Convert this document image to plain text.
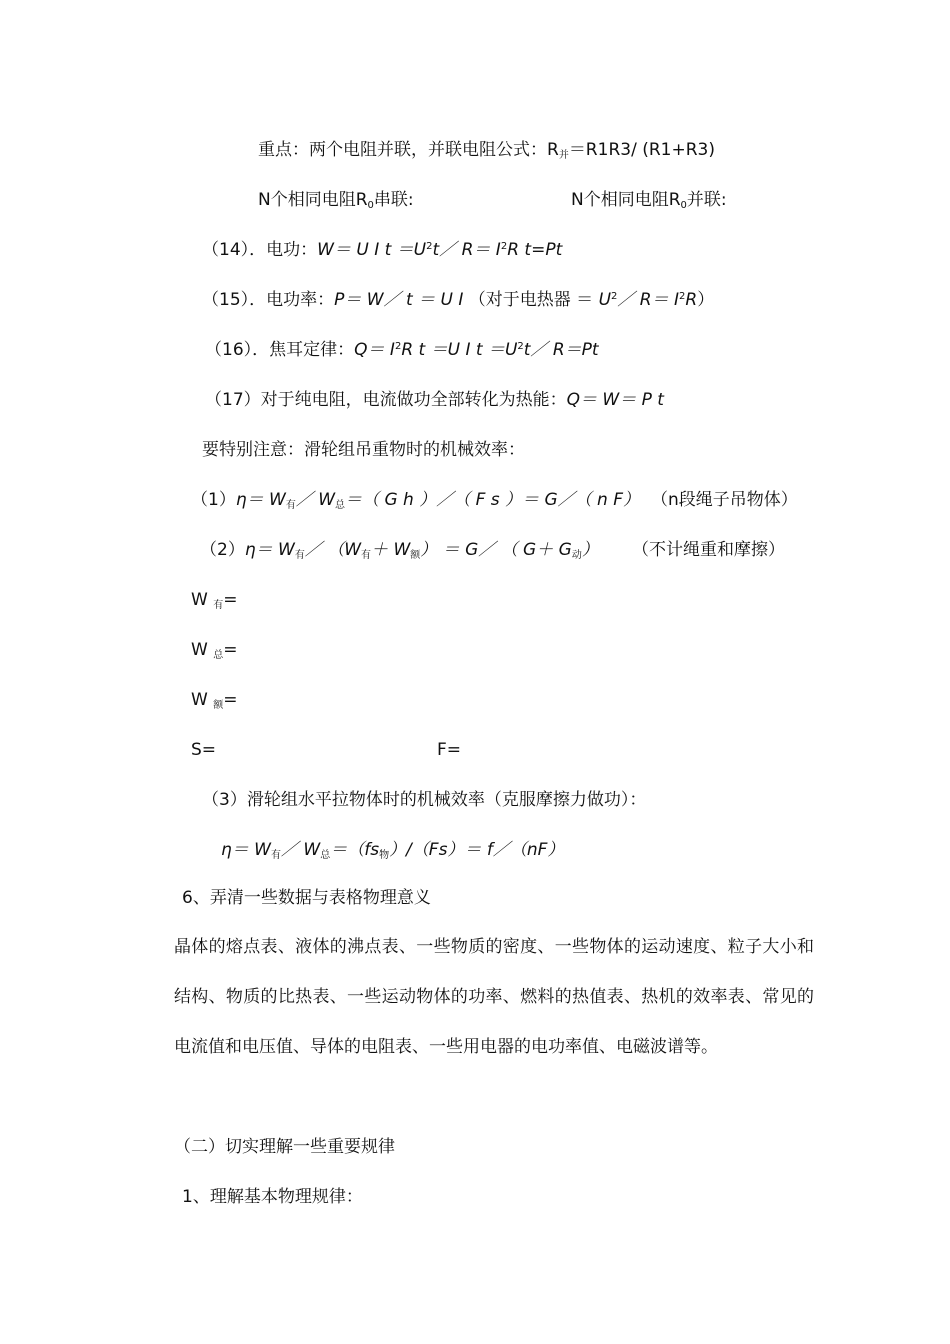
重点：两个电阻并联，并联电阻公式：$R_并=R1R3/$ (R1+R3)
N个相同电阻$R_0$串联:	N个相同电阻$R_0$并联:
（14）．电功：W＝ U I $t =U^2t/$ $R= I^2R$ t=Pt
（15）．电功率：P＝ W／ t ＝ U I （对于电热器 ＝ $U^2/$ $R= I^2R$）
（16）．焦耳定律：$Q= I^2R$ t ＝U I $t =U^2t/$ R＝Pt
（17）对于纯电阻，电流做功全部转化为热能：Q＝ W＝ P t
要特别注意：滑轮组吊重物时的机械效率：
$(1)\eta= W_有/$ $W_总=$（ G h ）／（ F s ）＝ G／（ n F） （n段绳子吊物体）
$(2)\eta= W_有/$ $(W_有+ W_额)$ ＝ G／ （ $G+ G_动$） （不计绳重和摩擦）
W $_有$=
W $_总$=
W $_额$=
S=	F=
（3）滑轮组水平拉物体时的机械效率（克服摩擦力做功）：
$\eta= W_有/$ $W_总=(fs_物)/(Fs)=$ f／（nF）
6、弄清一些数据与表格物理意义
晶体的熔点表、液体的沸点表、一些物质的密度、一些物体的运动速度、粒子大小和结构、物质的比热表、一些运动物体的功率、燃料的热值表、热机的效率表、常见的电流值和电压值、导体的电阻表、一些用电器的电功率值、电磁波谱等。
（二）切实理解一些重要规律
1、理解基本物理规律：
